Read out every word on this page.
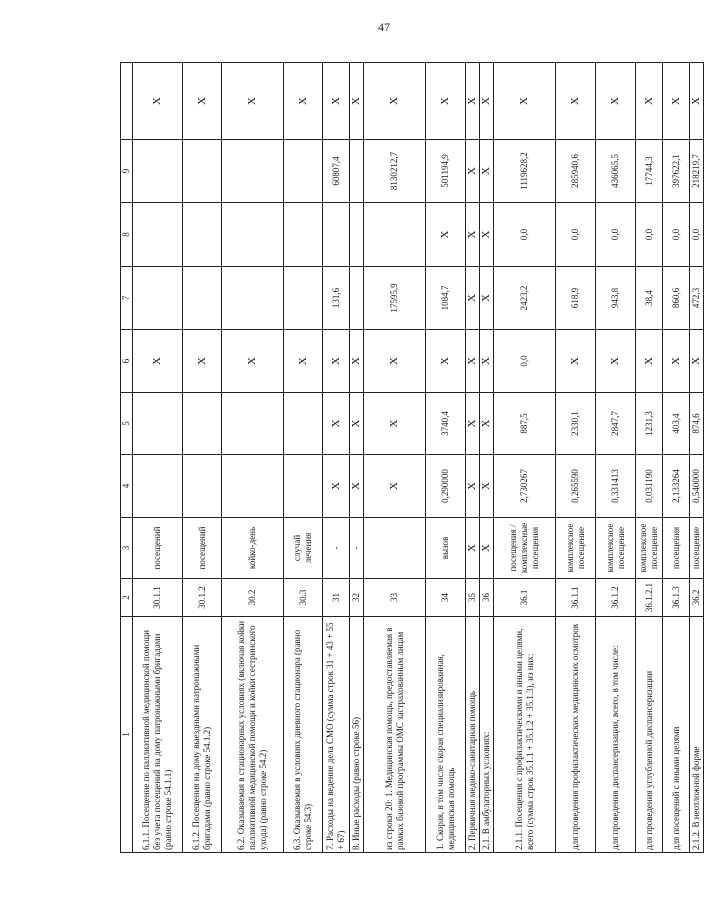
47
1	2	3	4	5	6	7	8	9	
6.1.1. Посещение по паллиативной медицинской помощи без учета посещений на дому патронажными бригадами (равно строке 54.1.1)	30.1.1	посещений			X				X
6.1.2. Посещения на дому выездными патронажными бригадами (равно строке 54.1.2)	30.1.2	посещений			X				X
6.2. Оказываемая в стационарных условиях (включая койки паллиативной медицинской помощи и койки сестринского ухода) (равно строке 54.2)	30.2	койко-день			X				X
6.3. Оказываемая в условиях дневного стационара (равно строке 54.3)	30.3	случай лечения			X				X
7. Расходы на ведение дела СМО (сумма строк 31 + 43 + 55 + 67)	31	-	X	X	X	131,6		60807,4	X
8. Иные расходы (равно строке 56)	32	-	X	X	X				X
из строки 20: 1. Медицинская помощь, предоставляемая в рамках базовой программы ОМС застрахованным лицам	33		X	X	X	17595,9		8130212,7	X
1. Скорая, в том числе скорая специализированная, медицинская помощь	34	вызов	0,290000	3740,4	X	1084,7	X	501194,9	X
2. Первичная медико-санитарная помощь	35	X	X	X	X	X	X	X	X
2.1. В амбулаторных условиях:	36	X	X	X	X	X	X	X	X
2.1.1. Посещения с профилактическими и иными целями, всего (сумма строк 35.1.1 + 35.1.2 + 35.1.3), из них:	36.1	посещения / комплексные посещения	2,730267	887,5	0,0	2423,2	0,0	1119628,2	X
для проведения профилактических медицинских осмотров	36.1.1	комплексное посещение	0,265590	2330,1	X	618,9	0,0	285940,6	X
для проведения диспансеризации, всего, в том числе:	36.1.2	комплексное посещение	0,331413	2847,7	X	943,8	0,0	436065,5	X
для проведения углубленной диспансеризации	36.1.2.1	комплексное посещение	0,031190	1231,3	X	38,4	0,0	17744,3	X
для посещений с иными целями	36.1.3	посещения	2,133264	403,4	X	860,6	0,0	397622,1	X
2.1.2. В неотложной форме	36.2	посещение	0,540000	874,6	X	472,3	0,0	218219,7	X
